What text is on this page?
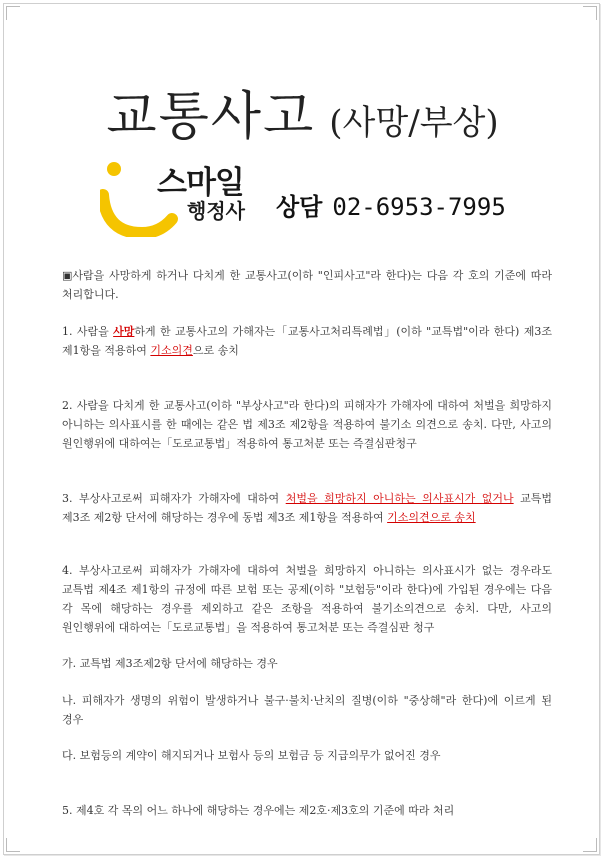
교통사고 (사망/부상)
스마일
행정사 상담 02-6953-7995
▣사람을 사망하게 하거나 다치게 한 교통사고(이하 "인피사고"라 한다)는 다음 각 호의 기준에 따라 처리합니다.
1. 사람을 사망하게 한 교통사고의 가해자는「교통사고처리특례법」(이하 "교특법"이라 한다) 제3조 제1항을 적용하여 기소의견으로 송치
2. 사람을 다치게 한 교통사고(이하 "부상사고"라 한다)의 피해자가 가해자에 대하여 처벌을 희망하지 아니하는 의사표시를 한 때에는 같은 법 제3조 제2항을 적용하여 불기소 의견으로 송치. 다만, 사고의 원인행위에 대하여는「도로교통법」적용하여 통고처분 또는 즉결심판청구
3. 부상사고로써 피해자가 가해자에 대하여 처벌을 희망하지 아니하는 의사표시가 없거나 교특법 제3조 제2항 단서에 해당하는 경우에 동법 제3조 제1항을 적용하여 기소의견으로 송치
4. 부상사고로써 피해자가 가해자에 대하여 처벌을 희망하지 아니하는 의사표시가 없는 경우라도 교특법 제4조 제1항의 규정에 따른 보험 또는 공제(이하 "보험등"이라 한다)에 가입된 경우에는 다음 각 목에 해당하는 경우를 제외하고 같은 조항을 적용하여 불기소의견으로 송치. 다만, 사고의 원인행위에 대하여는「도로교통법」을 적용하여 통고처분 또는 즉결심판 청구
가. 교특법 제3조제2항 단서에 해당하는 경우
나. 피해자가 생명의 위험이 발생하거나 불구·불치·난치의 질병(이하 "중상해"라 한다)에 이르게 된 경우
다. 보험등의 계약이 해지되거나 보험사 등의 보험금 등 지급의무가 없어진 경우
5. 제4호 각 목의 어느 하나에 해당하는 경우에는 제2호·제3호의 기준에 따라 처리
